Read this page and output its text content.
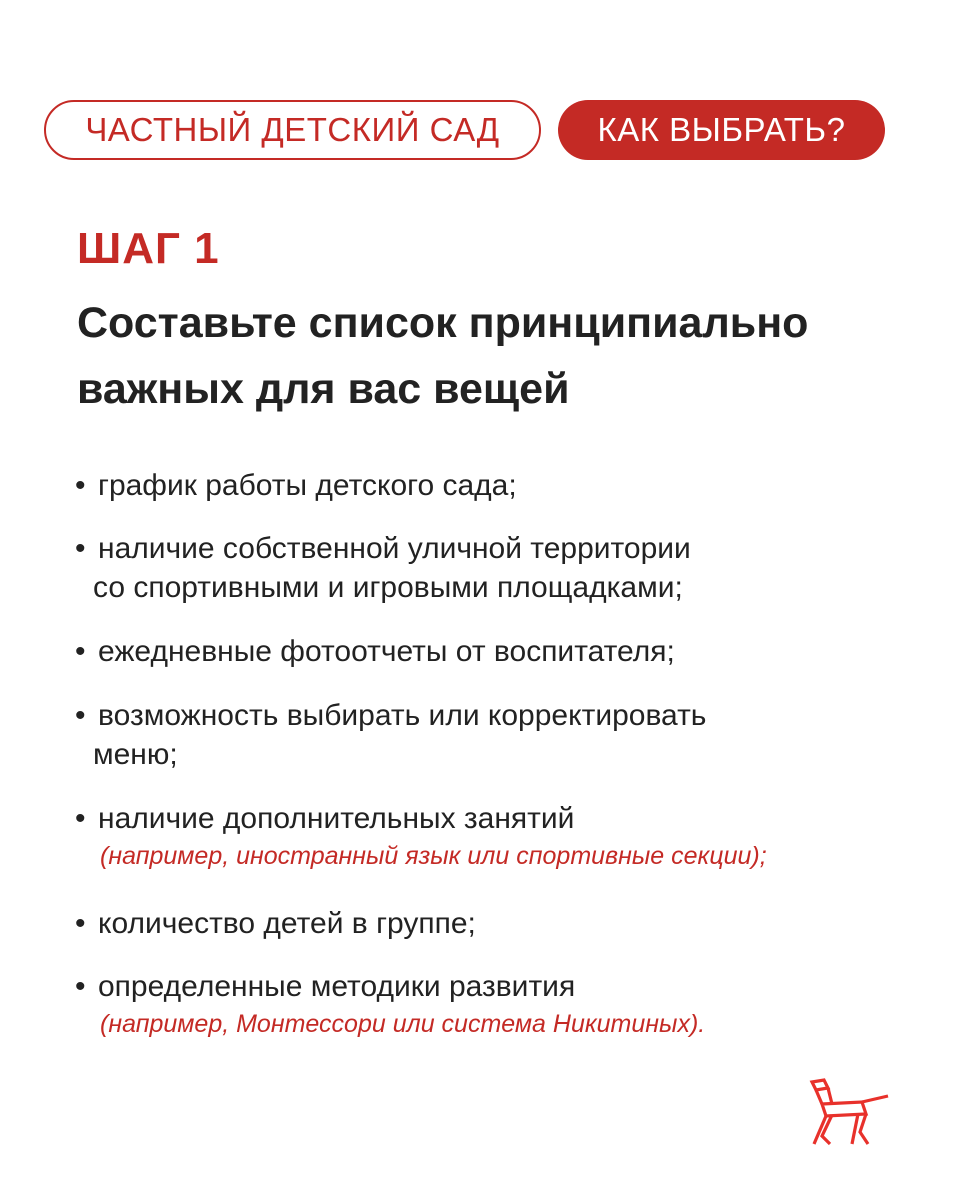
ЧАСТНЫЙ ДЕТСКИЙ САД	КАК ВЫБРАТЬ?
ШАГ 1
Составьте список принципиально
важных для вас вещей
• график работы детского сада;
• наличие собственной уличной территории
со спортивными и игровыми площадками;
• ежедневные фотоотчеты от воспитателя;
• возможность выбирать или корректировать
меню;
• наличие дополнительных занятий
(например, иностранный язык или спортивные секции);
• количество детей в группе;
• определенные методики развития
(например, Монтессори или система Никитиных).
